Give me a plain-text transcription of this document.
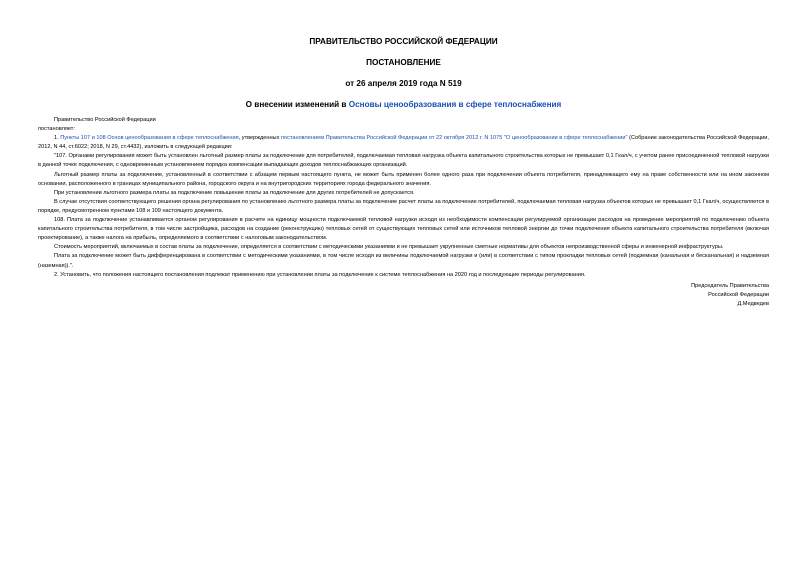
ПРАВИТЕЛЬСТВО РОССИЙСКОЙ ФЕДЕРАЦИИ
ПОСТАНОВЛЕНИЕ
от 26 апреля 2019 года N 519
О внесении изменений в Основы ценообразования в сфере теплоснабжения

Правительство Российской Федерации

постановляет:

1. Пункты 107 и 108 Основ ценообразования в сфере теплоснабжения, утвержденных постановлением Правительства Российской Федерации от 22 октября 2012 г. N 1075 "О ценообразовании в сфере теплоснабжении" (Собрание законодательства Российской Федерации, 2012, N 44, ст.6022; 2018, N 29, ст.4432), изложить в следующей редакции:

"107. Органами регулирования может быть установлен льготный размер платы за подключение для потребителей, подключаемая тепловая нагрузка объекта капитального строительства которых не превышает 0,1 Гкал/ч, с учетом ранее присоединенной тепловой нагрузки в данной точке подключения, с одновременным установлением порядка компенсации выпадающих доходов теплоснабжающих организаций.

Льготный размер платы за подключение, установленный в соответствии с абзацем первым настоящего пункта, не может быть применен более одного раза при подключении объекта потребителя, принадлежащего ему на праве собственности или на ином законном основании, расположенного в границах муниципального района, городского округа и на внутригородских территориях города федерального значения.

При установлении льготного размера платы за подключение повышение платы за подключение для других потребителей не допускается.

В случае отсутствия соответствующего решения органа регулирования по установлению льготного размера платы за подключение расчет платы за подключение потребителей, подключаемая тепловая нагрузка объектов которых не превышает 0,1 Гкал/ч, осуществляется в порядке, предусмотренном пунктами 108 и 109 настоящего документа.

108. Плата за подключение устанавливается органом регулирования в расчете на единицу мощности подключаемой тепловой нагрузки исходя из необходимости компенсации регулируемой организации расходов на проведение мероприятий по подключению объекта капитального строительства потребителя, в том числе застройщика, расходов на создание (реконструкцию) тепловых сетей от существующих тепловых сетей или источников тепловой энергии до точки подключения объекта капитального строительства потребителя (включая проектирование), а также налога на прибыль, определяемого в соответствии с налоговым законодательством.

Стоимость мероприятий, включаемых в состав платы за подключение, определяется в соответствии с методическими указаниями и не превышает укрупненные сметные нормативы для объектов непроизводственной сферы и инженерной инфраструктуры.

Плата за подключение может быть дифференцирована в соответствии с методическими указаниями, в том числе исходя из величины подключаемой нагрузки и (или) в соответствии с типом прокладки тепловых сетей (подземная (канальная и бесканальная) и надземная (наземная)).".

2. Установить, что положения настоящего постановления подлежат применению при установлении платы за подключение к системе теплоснабжения на 2020 год и последующие периоды регулирования.

Председатель Правительства
Российской Федерации
Д.Медведев
